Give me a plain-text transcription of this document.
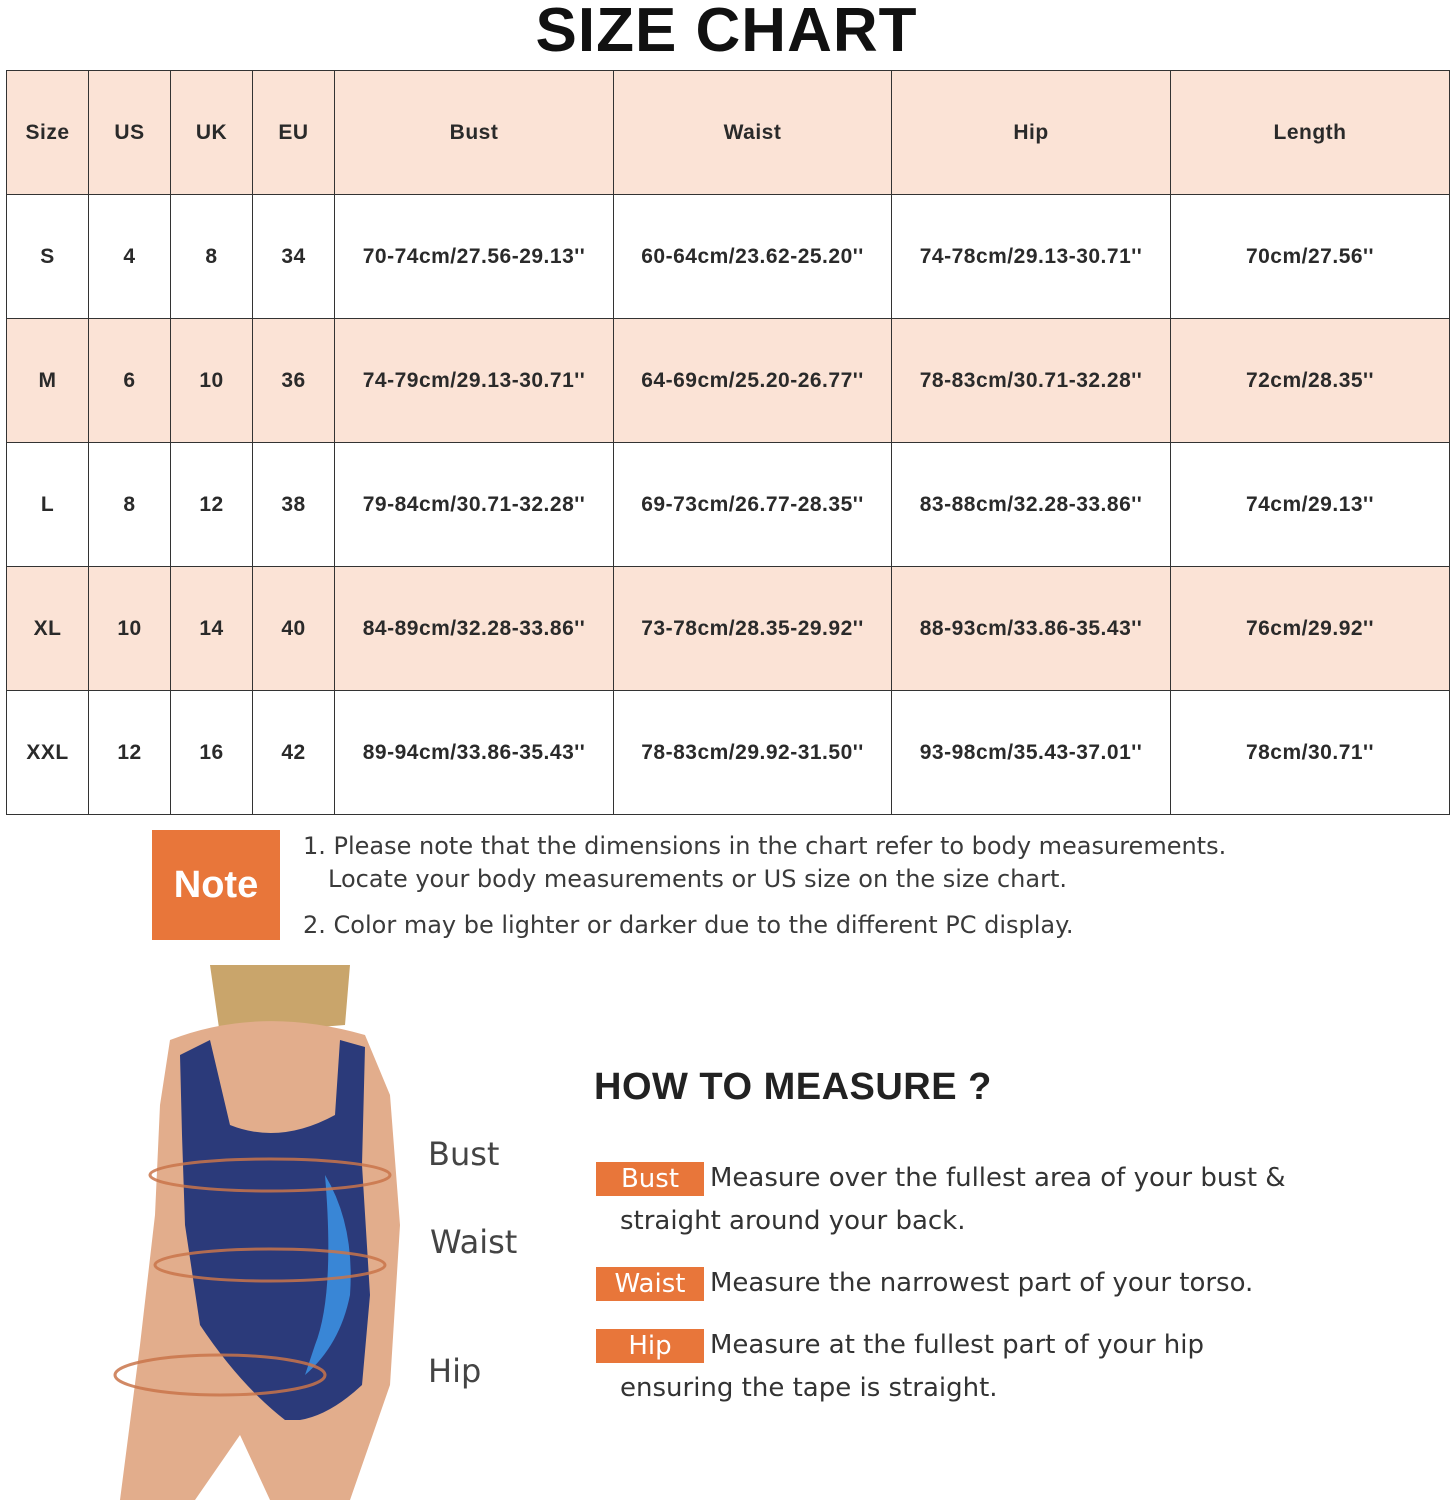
SIZE CHART
Size	US	UK	EU	Bust	Waist	Hip	Length
S	4	8	34	70-74cm/27.56-29.13''	60-64cm/23.62-25.20''	74-78cm/29.13-30.71''	70cm/27.56''
M	6	10	36	74-79cm/29.13-30.71''	64-69cm/25.20-26.77''	78-83cm/30.71-32.28''	72cm/28.35''
L	8	12	38	79-84cm/30.71-32.28''	69-73cm/26.77-28.35''	83-88cm/32.28-33.86''	74cm/29.13''
XL	10	14	40	84-89cm/32.28-33.86''	73-78cm/28.35-29.92''	88-93cm/33.86-35.43''	76cm/29.92''
XXL	12	16	42	89-94cm/33.86-35.43''	78-83cm/29.92-31.50''	93-98cm/35.43-37.01''	78cm/30.71''
Note
1. Please note that the dimensions in the chart refer to body measurements.
Locate your body measurements or US size on the size chart.
2. Color may be lighter or darker due to the different PC display.
Bust
Waist
Hip
HOW TO MEASURE ?
Bust	Measure over the fullest area of your bust &
straight around your back.
Waist Measure the narrowest part of your torso.
Hip	Measure at the fullest part of your hip
ensuring the tape is straight.
